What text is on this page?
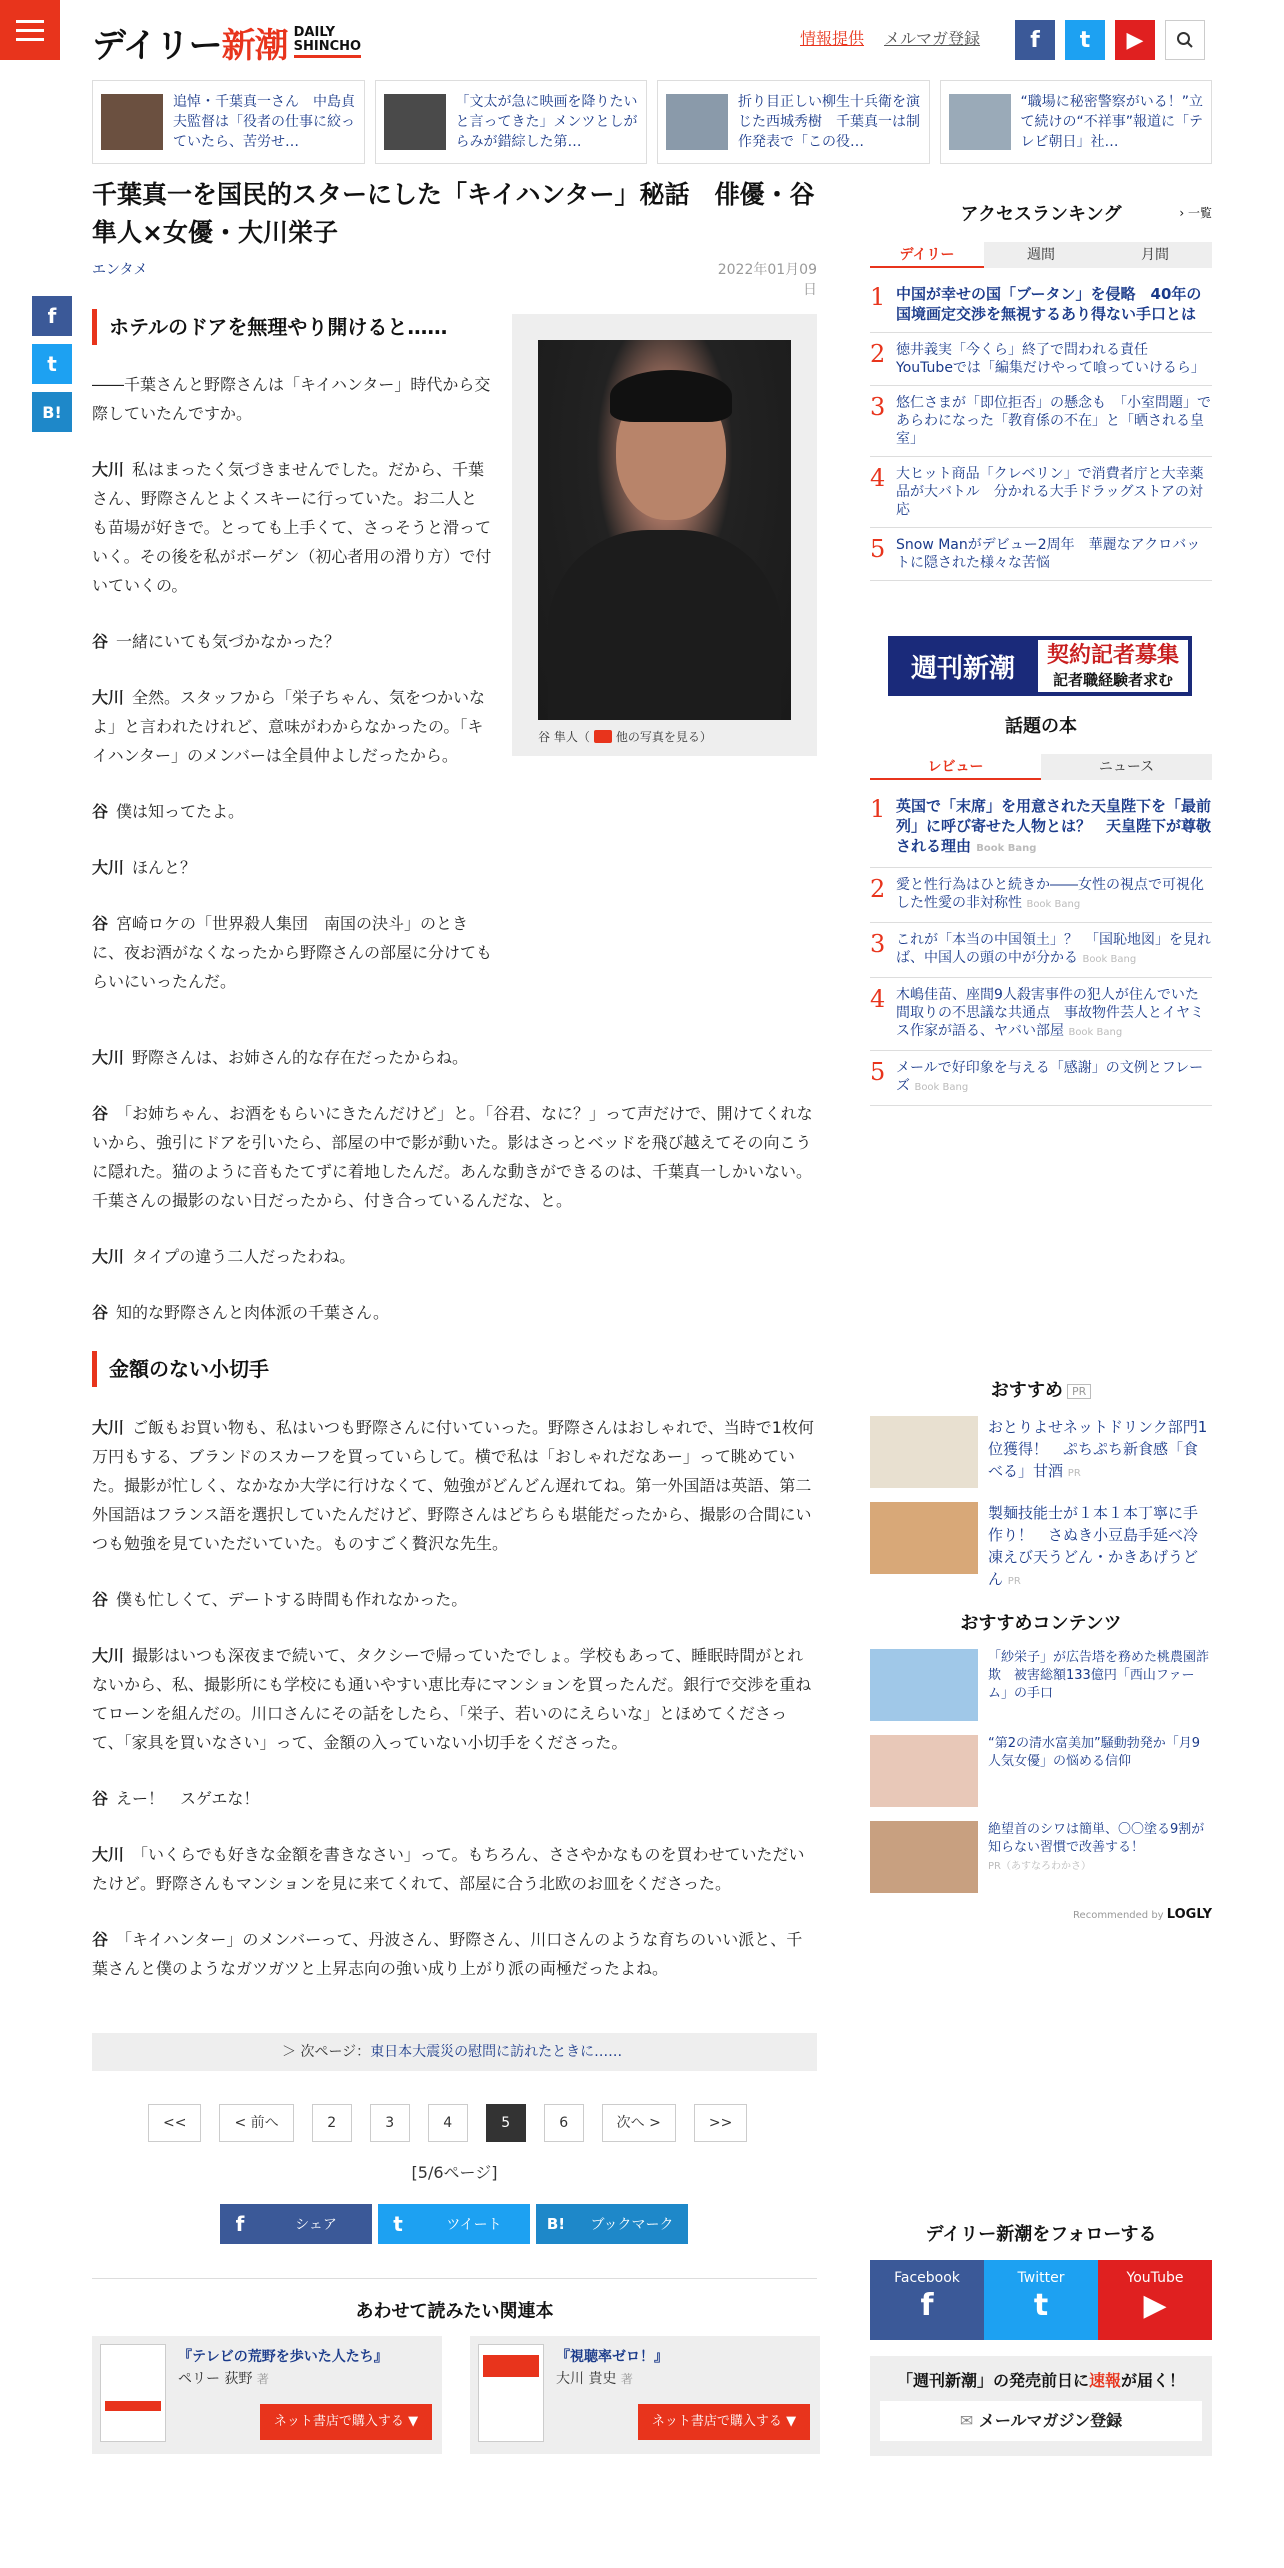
デイリー新潮 DAILY
SHINCHO	情報提供 メルマガ登録	f	t	▶
追悼・千葉真一さん　中島貞夫監督は「役者の仕事に絞っていたら、苦労せ…
「文太が急に映画を降りたいと言ってきた」メンツとしがらみが錯綜した第…
折り目正しい柳生十兵衛を演じた西城秀樹　千葉真一は制作発表で「この役…
“職場に秘密警察がいる！”立て続けの“不祥事”報道に「テレビ朝日」社…
千葉真一を国民的スターにした「キイハンター」秘話　俳優・谷隼人×女優・大川栄子
エンタメ	2022年01月09日
f
t
B!
ホテルのドアを無理やり開けると……
谷 隼人（ 他の写真を見る）

――千葉さんと野際さんは「キイハンター」時代から交際していたんですか。

大川 私はまったく気づきませんでした。だから、千葉さん、野際さんとよくスキーに行っていた。お二人とも苗場が好きで。とっても上手くて、さっそうと滑っていく。その後を私がボーゲン（初心者用の滑り方）で付いていくの。

谷 一緒にいても気づかなかった？

大川 全然。スタッフから「栄子ちゃん、気をつかいなよ」と言われたけれど、意味がわからなかったの。「キイハンター」のメンバーは全員仲よしだったから。

谷 僕は知ってたよ。

大川 ほんと？

谷 宮崎ロケの「世界殺人集団　南国の決斗」のときに、夜お酒がなくなったから野際さんの部屋に分けてもらいにいったんだ。

大川 野際さんは、お姉さん的な存在だったからね。

谷 「お姉ちゃん、お酒をもらいにきたんだけど」と。「谷君、なに？」って声だけで、開けてくれないから、強引にドアを引いたら、部屋の中で影が動いた。影はさっとベッドを飛び越えてその向こうに隠れた。猫のように音もたてずに着地したんだ。あんな動きができるのは、千葉真一しかいない。千葉さんの撮影のない日だったから、付き合っているんだな、と。

大川 タイプの違う二人だったわね。

谷 知的な野際さんと肉体派の千葉さん。

金額のない小切手

大川 ご飯もお買い物も、私はいつも野際さんに付いていった。野際さんはおしゃれで、当時で1枚何万円もする、ブランドのスカーフを買っていらして。横で私は「おしゃれだなあー」って眺めていた。撮影が忙しく、なかなか大学に行けなくて、勉強がどんどん遅れてね。第一外国語は英語、第二外国語はフランス語を選択していたんだけど、野際さんはどちらも堪能だったから、撮影の合間にいつも勉強を見ていただいていた。ものすごく贅沢な先生。

谷 僕も忙しくて、デートする時間も作れなかった。

大川 撮影はいつも深夜まで続いて、タクシーで帰っていたでしょ。学校もあって、睡眠時間がとれないから、私、撮影所にも学校にも通いやすい恵比寿にマンションを買ったんだ。銀行で交渉を重ねてローンを組んだの。川口さんにその話をしたら、「栄子、若いのにえらいな」とほめてくださって、「家具を買いなさい」って、金額の入っていない小切手をくださった。

谷 えー！　スゲエな！

大川 「いくらでも好きな金額を書きなさい」って。もちろん、ささやかなものを買わせていただいたけど。野際さんもマンションを見に来てくれて、部屋に合う北欧のお皿をくださった。

谷 「キイハンター」のメンバーって、丹波さん、野際さん、川口さんのような育ちのいい派と、千葉さんと僕のようなガツガツと上昇志向の強い成り上がり派の両極だったよね。

＞ 次ページ：東日本大震災の慰問に訪れたときに……
<<	< 前へ	2	3	4	5	6	次へ >	>>
[5/6ページ]
f	シェア	t	ツイート	B!	ブックマーク
あわせて読みたい関連本
『テレビの荒野を歩いた人たち』
ペリー 荻野 著
ネット書店で購入する ▼
『視聴率ゼロ！』
大川 貴史 著
ネット書店で購入する ▼
アクセスランキング	› 一覧
デイリー	週間	月間
1 中国が幸せの国「ブータン」を侵略　40年の国境画定交渉を無視するあり得ない手口とは
2 徳井義実「今くら」終了で問われる責任　YouTubeでは「編集だけやって喰っていけるら」
3 悠仁さまが「即位拒否」の懸念も　「小室問題」であらわになった「教育係の不在」と「晒される皇室」
4 大ヒット商品「クレベリン」で消費者庁と大幸薬品が大バトル　分かれる大手ドラッグストアの対応
5 Snow Manがデビュー2周年　華麗なアクロバットに隠された様々な苦悩
週刊新潮	契約記者募集
記者職経験者求む
話題の本
レビュー	ニュース
1 英国で「末席」を用意された天皇陛下を「最前列」に呼び寄せた人物とは？　天皇陛下が尊敬される理由 Book Bang
2 愛と性行為はひと続きか――女性の視点で可視化した性愛の非対称性 Book Bang
3 これが「本当の中国領土」？　「国恥地図」を見れば、中国人の頭の中が分かる Book Bang
4 木嶋佳苗、座間9人殺害事件の犯人が住んでいた間取りの不思議な共通点　事故物件芸人とイヤミス作家が語る、ヤバい部屋 Book Bang
5 メールで好印象を与える「感謝」の文例とフレーズ Book Bang
おすすめ PR
おとりよせネットドリンク部門1位獲得！　ぷちぷち新食感「食べる」甘酒 PR
製麺技能士が１本１本丁寧に手作り！　さぬき小豆島手延べ冷凍えび天うどん・かきあげうどん PR
おすすめコンテンツ
「紗栄子」が広告塔を務めた桃農園詐欺　被害総額133億円「西山ファーム」の手口
“第2の清水富美加”騒動勃発か「月9人気女優」の悩める信仰
絶望首のシワは簡単、〇〇塗る9割が知らない習慣で改善する！
PR（あすなろわかさ）
Recommended by LOGLY
デイリー新潮をフォローする
Facebook
f
Twitter
t
YouTube
▶
「週刊新潮」の発売前日に速報が届く！
✉ メールマガジン登録
